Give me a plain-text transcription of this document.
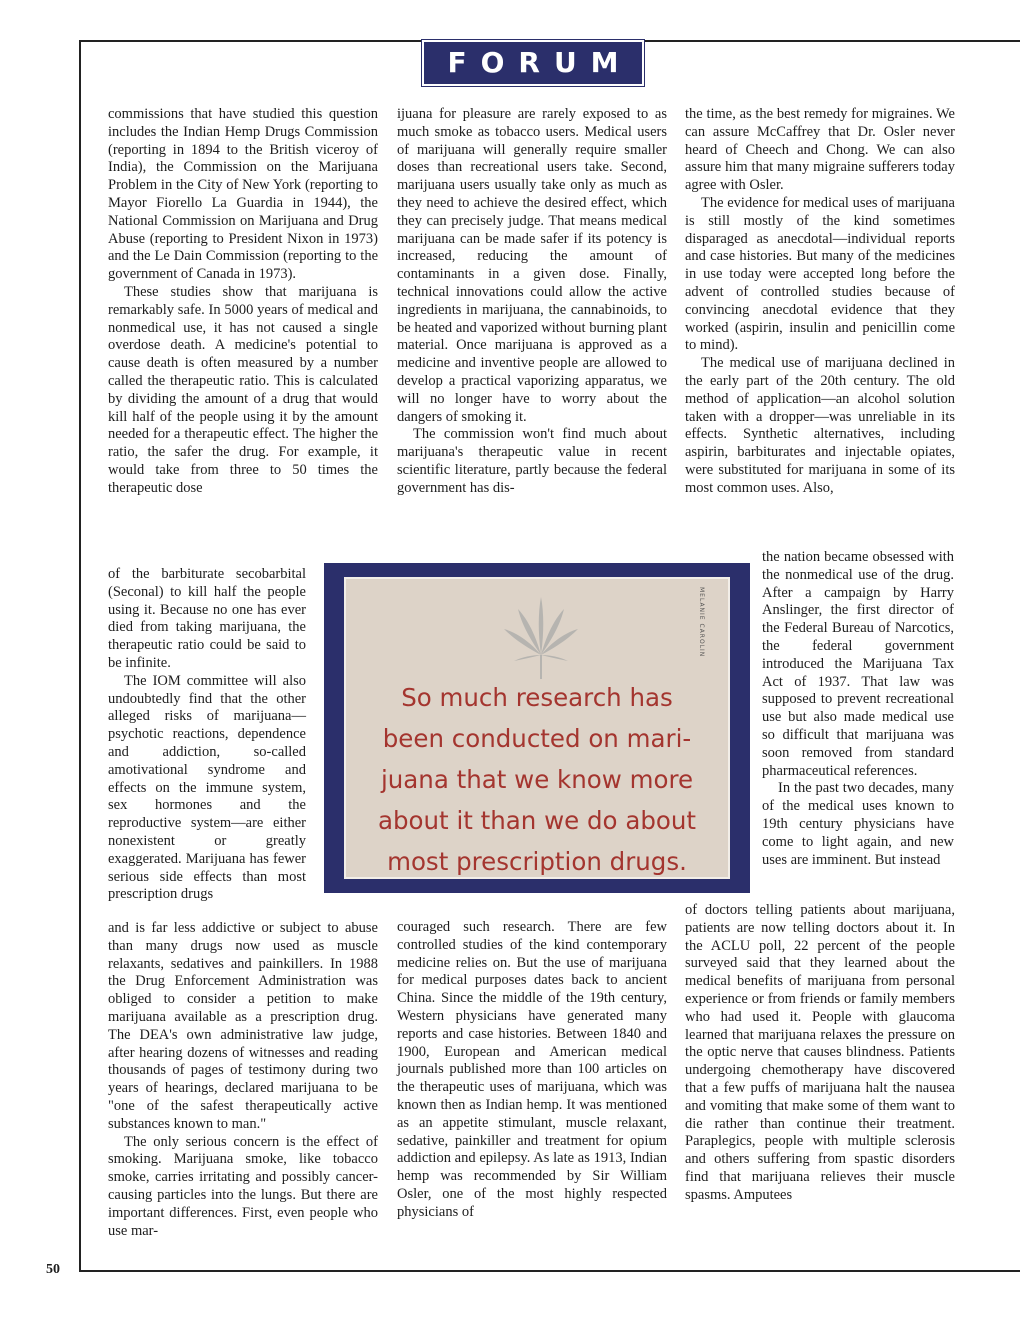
FORUM

commissions that have studied this question includes the Indian Hemp Drugs Commission (reporting in 1894 to the British viceroy of India), the Commission on the Marijuana Problem in the City of New York (reporting to Mayor Fiorello La Guardia in 1944), the National Commission on Marijuana and Drug Abuse (reporting to President Nixon in 1973) and the Le Dain Commission (reporting to the government of Canada in 1973).

These studies show that marijuana is remarkably safe. In 5000 years of medical and nonmedical use, it has not caused a single overdose death. A medicine's potential to cause death is often measured by a number called the therapeutic ratio. This is calculated by dividing the amount of a drug that would kill half of the people using it by the amount needed for a therapeutic effect. The higher the ratio, the safer the drug. For example, it would take from three to 50 times the therapeutic dose

of the barbiturate secobarbital (Seconal) to kill half the people using it. Because no one has ever died from taking marijuana, the therapeutic ratio could be said to be infinite.

The IOM committee will also undoubtedly find that the other alleged risks of marijuana—psychotic reactions, dependence and addiction, so-called amotivational syndrome and effects on the immune system, sex hormones and the reproductive system—are either nonexistent or greatly exaggerated. Marijuana has fewer serious side effects than most prescription drugs

and is far less addictive or subject to abuse than many drugs now used as muscle relaxants, sedatives and painkillers. In 1988 the Drug Enforcement Administration was obliged to consider a petition to make marijuana available as a prescription drug. The DEA's own administrative law judge, after hearing dozens of witnesses and reading thousands of pages of testimony during two years of hearings, declared marijuana to be "one of the safest therapeutically active substances known to man."

The only serious concern is the effect of smoking. Marijuana smoke, like tobacco smoke, carries irritating and possibly cancer-causing particles into the lungs. But there are important differences. First, even people who use mar-

ijuana for pleasure are rarely exposed to as much smoke as tobacco users. Medical users of marijuana will generally require smaller doses than recreational users take. Second, marijuana users usually take only as much as they need to achieve the desired effect, which they can precisely judge. That means medical marijuana can be made safer if its potency is increased, reducing the amount of contaminants in a given dose. Finally, technical innovations could allow the active ingredients in marijuana, the cannabinoids, to be heated and vaporized without burning plant material. Once marijuana is approved as a medicine and inventive people are allowed to develop a practical vaporizing apparatus, we will no longer have to worry about the dangers of smoking it.

The commission won't find much about marijuana's therapeutic value in recent scientific literature, partly because the federal government has dis-

couraged such research. There are few controlled studies of the kind contemporary medicine relies on. But the use of marijuana for medical purposes dates back to ancient China. Since the middle of the 19th century, Western physicians have generated many reports and case histories. Between 1840 and 1900, European and American medical journals published more than 100 articles on the therapeutic uses of marijuana, which was known then as Indian hemp. It was mentioned as an appetite stimulant, muscle relaxant, sedative, painkiller and treatment for opium addiction and epilepsy. As late as 1913, Indian hemp was recommended by Sir William Osler, one of the most highly respected physicians of

the time, as the best remedy for migraines. We can assure McCaffrey that Dr. Osler never heard of Cheech and Chong. We can also assure him that many migraine sufferers today agree with Osler.

The evidence for medical uses of marijuana is still mostly of the kind sometimes disparaged as anecdotal—individual reports and case histories. But many of the medicines in use today were accepted long before the advent of controlled studies because of convincing anecdotal evidence that they worked (aspirin, insulin and penicillin come to mind).

The medical use of marijuana declined in the early part of the 20th century. The old method of application—an alcohol solution taken with a dropper—was unreliable in its effects. Synthetic alternatives, including aspirin, barbiturates and injectable opiates, were substituted for marijuana in some of its most common uses. Also,

the nation became obsessed with the nonmedical use of the drug. After a campaign by Harry Anslinger, the first director of the Federal Bureau of Narcotics, the federal government introduced the Marijuana Tax Act of 1937. That law was supposed to prevent recreational use but also made medical use so difficult that marijuana was soon removed from standard pharmaceutical references.

In the past two decades, many of the medical uses known to 19th century physicians have come to light again, and new uses are imminent. But instead

of doctors telling patients about marijuana, patients are now telling doctors about it. In the ACLU poll, 22 percent of the people surveyed said that they learned about the medical benefits of marijuana from personal experience or from friends or family members who had used it. People with glaucoma learned that marijuana relaxes the pressure on the optic nerve that causes blindness. Patients undergoing chemotherapy have discovered that a few puffs of marijuana halt the nausea and vomiting that make some of them want to die rather than continue their treatment. Paraplegics, people with multiple sclerosis and others suffering from spastic disorders find that marijuana relieves their muscle spasms. Amputees

MELANIE CAROLIN
So much research has
been conducted on mari-
juana that we know more
about it than we do about
most prescription drugs.
50
